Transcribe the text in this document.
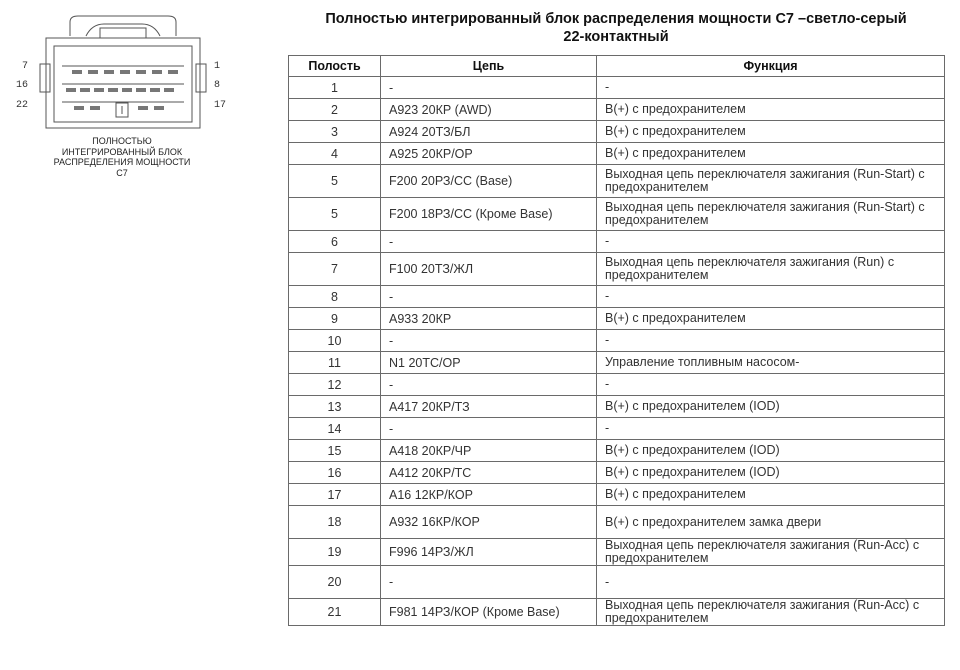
7
16
22
1
8
17
ПОЛНОСТЬЮ
ИНТЕГРИРОВАННЫЙ БЛОК
РАСПРЕДЕЛЕНИЯ МОЩНОСТИ
C7
Полностью интегрированный блок распределения мощности С7 –светло-серый
22-контактный
Полость	Цепь	Функция
1	-	-
2	A923 20КР (AWD)	B(+) с предохранителем
3	A924 20ТЗ/БЛ	B(+) с предохранителем
4	A925 20КР/ОР	B(+) с предохранителем
5	F200 20РЗ/СС (Base)	Выходная цепь переключателя зажигания (Run-Start) с предохранителем
5	F200 18РЗ/СС (Кроме Base)	Выходная цепь переключателя зажигания (Run-Start) с предохранителем
6	-	-
7	F100 20ТЗ/ЖЛ	Выходная цепь переключателя зажигания (Run) с предохранителем
8	-	-
9	A933 20КР	B(+) с предохранителем
10	-	-
11	N1 20ТС/ОР	Управление топливным насосом-
12	-	-
13	A417 20КР/ТЗ	B(+) с предохранителем (IOD)
14	-	-
15	A418 20КР/ЧР	B(+) с предохранителем (IOD)
16	A412 20КР/ТС	B(+) с предохранителем (IOD)
17	A16 12КР/КОР	B(+) с предохранителем
18	A932 16КР/КОР	B(+) с предохранителем замка двери
19	F996 14РЗ/ЖЛ	Выходная цепь переключателя зажигания (Run-Acc) с предохранителем
20	-	-
21	F981 14РЗ/КОР (Кроме Base)	Выходная цепь переключателя зажигания (Run-Acc) с предохранителем
